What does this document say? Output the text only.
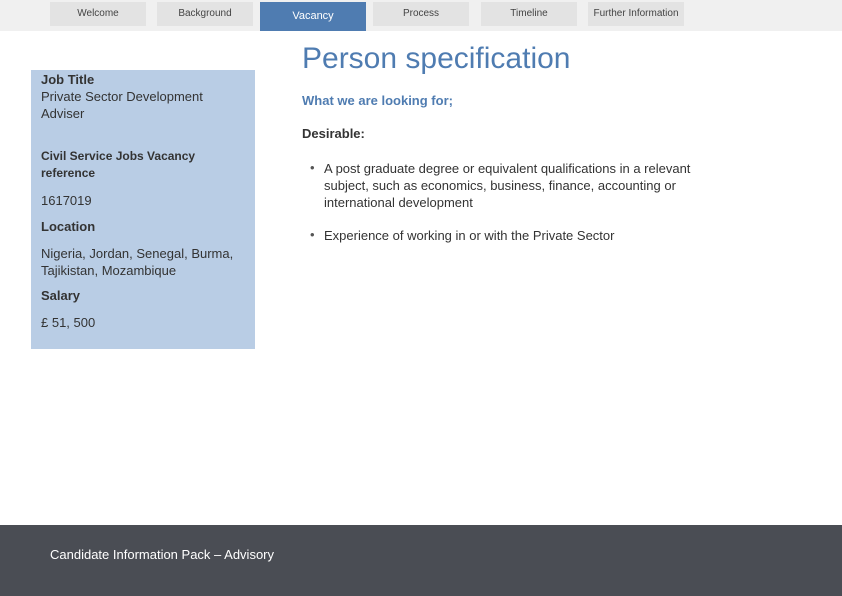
Welcome	Background	Vacancy	Process	Timeline	Further Information
Job Title
Private Sector Development
Adviser
Civil Service Jobs Vacancy
reference
1617019
Location
Nigeria, Jordan, Senegal, Burma,
Tajikistan, Mozambique
Salary
£ 51, 500
Person specification
What we are looking for;
Desirable:
• A post graduate degree or equivalent qualifications in a relevant
subject, such as economics, business, finance, accounting or
international development
• Experience of working in or with the Private Sector
Candidate Information Pack – Advisory
